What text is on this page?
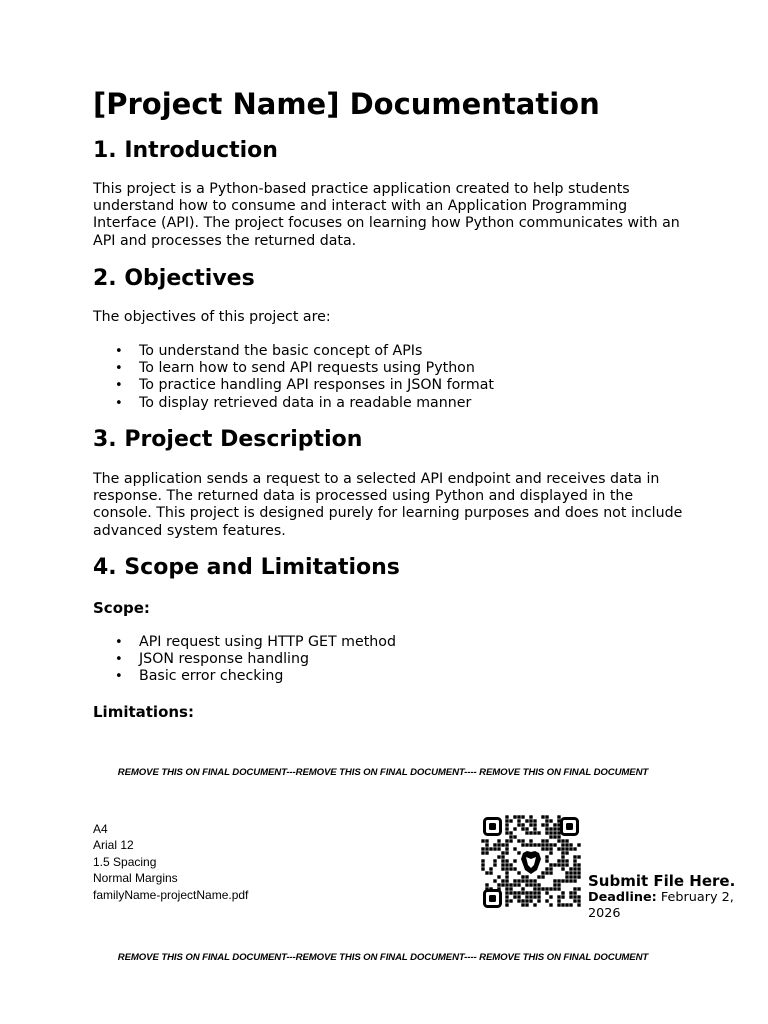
[Project Name] Documentation
1. Introduction

This project is a Python-based practice application created to help students understand how to consume and interact with an Application Programming Interface (API). The project focuses on learning how Python communicates with an API and processes the returned data.

2. Objectives

The objectives of this project are:

• To understand the basic concept of APIs
• To learn how to send API requests using Python
• To practice handling API responses in JSON format
• To display retrieved data in a readable manner
3. Project Description

The application sends a request to a selected API endpoint and receives data in response. The returned data is processed using Python and displayed in the console. This project is designed purely for learning purposes and does not include advanced system features.

4. Scope and Limitations
Scope:
• API request using HTTP GET method
• JSON response handling
• Basic error checking
Limitations:
REMOVE THIS ON FINAL DOCUMENT---REMOVE THIS ON FINAL DOCUMENT---- REMOVE THIS ON FINAL DOCUMENT
A4
Arial 12
1.5 Spacing
Normal Margins
familyName-projectName.pdf
Submit File Here.
Deadline: February 2, 2026
REMOVE THIS ON FINAL DOCUMENT---REMOVE THIS ON FINAL DOCUMENT---- REMOVE THIS ON FINAL DOCUMENT
